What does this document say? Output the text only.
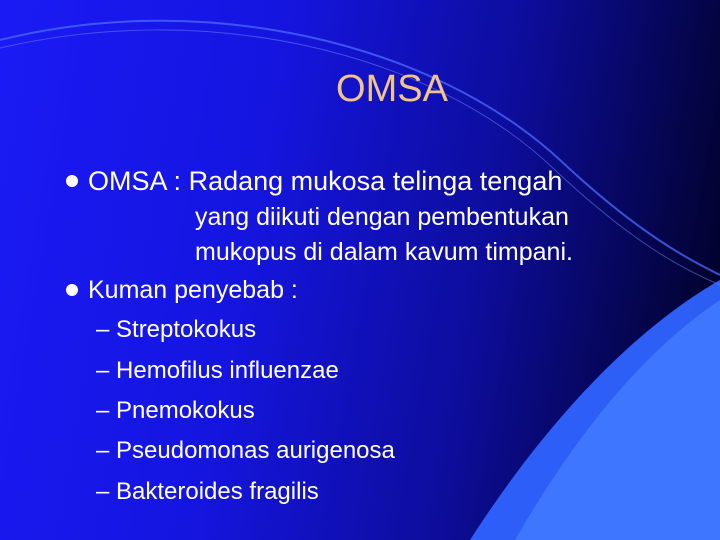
OMSA
OMSA : Radang mukosa telinga tengah
yang diikuti dengan pembentukan
mukopus di dalam kavum timpani.
Kuman penyebab :
– Streptokokus
– Hemofilus influenzae
– Pnemokokus
– Pseudomonas aurigenosa
– Bakteroides fragilis
